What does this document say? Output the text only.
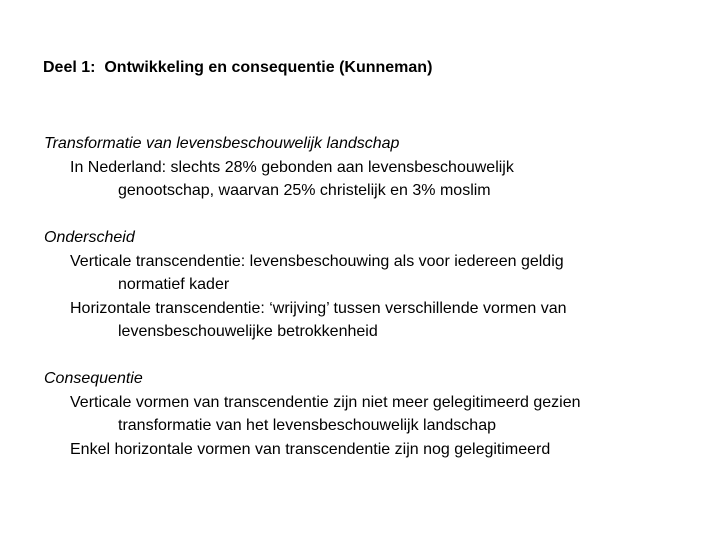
Deel 1:  Ontwikkeling en consequentie (Kunneman)
Transformatie van levensbeschouwelijk landschap
In Nederland: slechts 28% gebonden aan levensbeschouwelijk
genootschap, waarvan 25% christelijk en 3% moslim
Onderscheid
Verticale transcendentie: levensbeschouwing als voor iedereen geldig
normatief kader
Horizontale transcendentie: ‘wrijving’ tussen verschillende vormen van
levensbeschouwelijke betrokkenheid
Consequentie
Verticale vormen van transcendentie zijn niet meer gelegitimeerd gezien
transformatie van het levensbeschouwelijk landschap
Enkel horizontale vormen van transcendentie zijn nog gelegitimeerd
